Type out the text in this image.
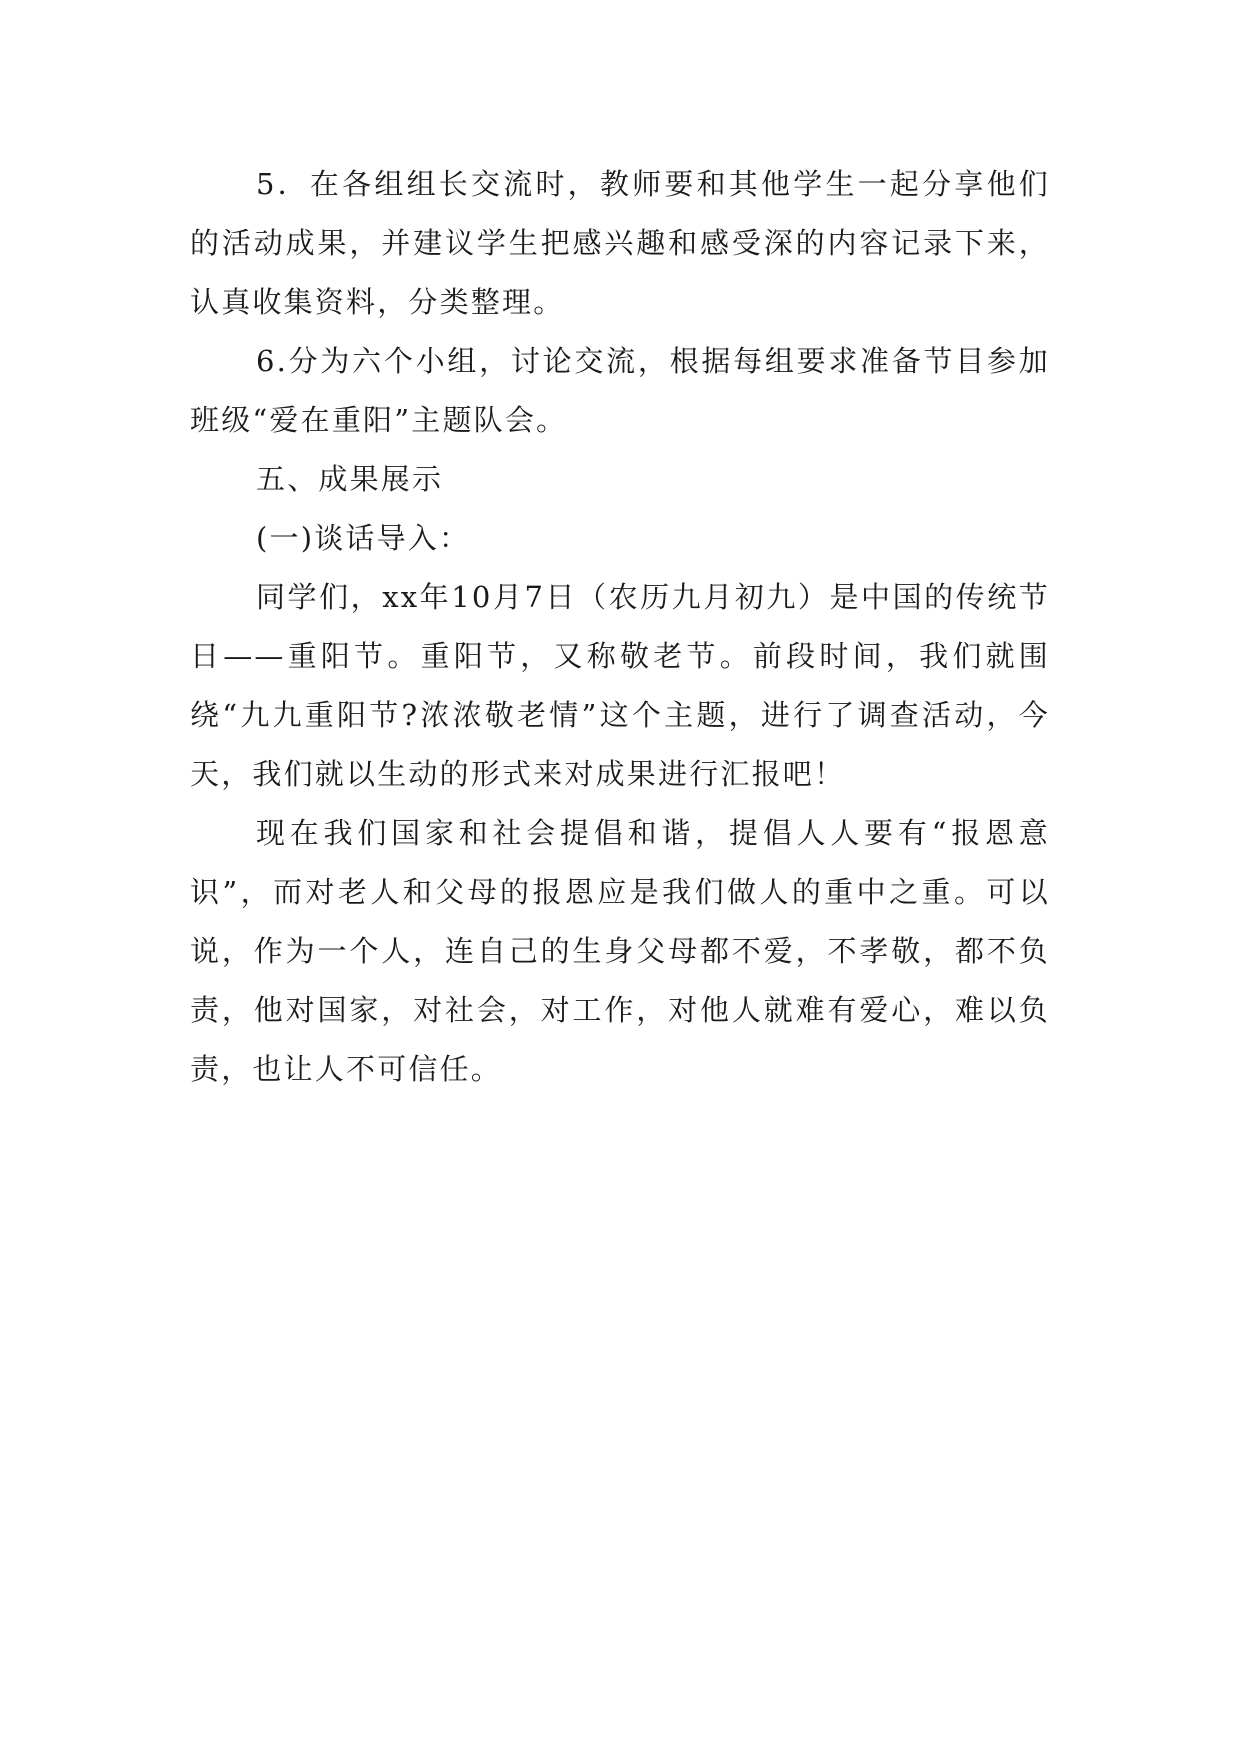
5．在各组组长交流时，教师要和其他学生一起分享他们的活动成果，并建议学生把感兴趣和感受深的内容记录下来，认真收集资料，分类整理。

6.分为六个小组，讨论交流，根据每组要求准备节目参加班级“爱在重阳”主题队会。

五、成果展示

(一)谈话导入：

同学们，xx年10月7日（农历九月初九）是中国的传统节日——重阳节。重阳节，又称敬老节。前段时间，我们就围绕“九九重阳节?浓浓敬老情”这个主题，进行了调查活动，今天，我们就以生动的形式来对成果进行汇报吧！

现在我们国家和社会提倡和谐，提倡人人要有“报恩意识”，而对老人和父母的报恩应是我们做人的重中之重。可以说，作为一个人，连自己的生身父母都不爱，不孝敬，都不负责，他对国家，对社会，对工作，对他人就难有爱心，难以负责，也让人不可信任。
